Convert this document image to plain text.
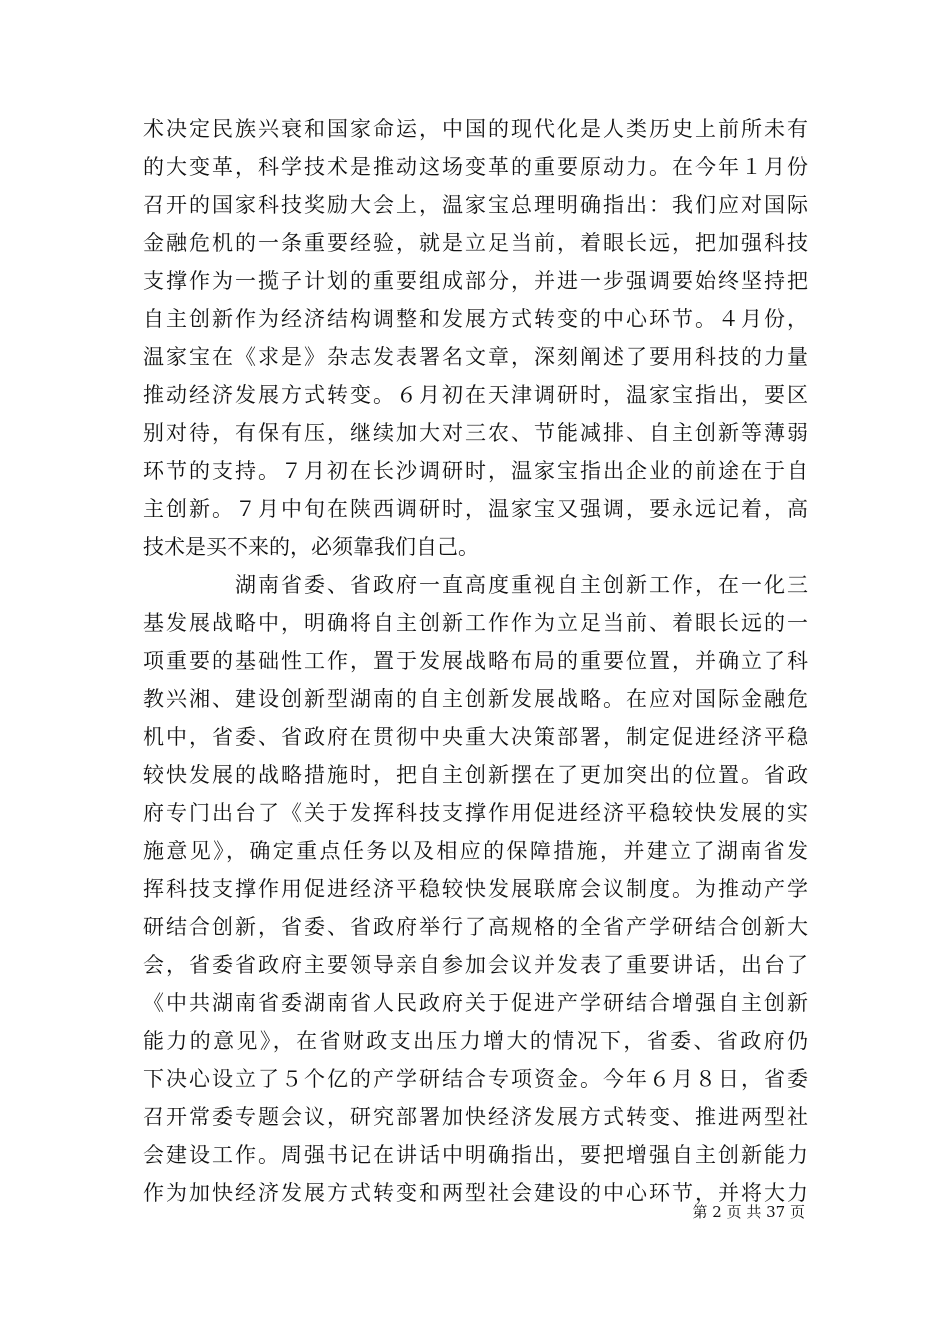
术决定民族兴衰和国家命运，中国的现代化是人类历史上前所未有
的大变革，科学技术是推动这场变革的重要原动力。在今年１月份
召开的国家科技奖励大会上，温家宝总理明确指出：我们应对国际
金融危机的一条重要经验，就是立足当前，着眼长远，把加强科技
支撑作为一揽子计划的重要组成部分，并进一步强调要始终坚持把
自主创新作为经济结构调整和发展方式转变的中心环节。４月份，
温家宝在《求是》杂志发表署名文章，深刻阐述了要用科技的力量
推动经济发展方式转变。６月初在天津调研时，温家宝指出，要区
别对待，有保有压，继续加大对三农、节能减排、自主创新等薄弱
环节的支持。７月初在长沙调研时，温家宝指出企业的前途在于自
主创新。７月中旬在陕西调研时，温家宝又强调，要永远记着，高
技术是买不来的，必须靠我们自己。
湖南省委、省政府一直高度重视自主创新工作，在一化三
基发展战略中，明确将自主创新工作作为立足当前、着眼长远的一
项重要的基础性工作，置于发展战略布局的重要位置，并确立了科
教兴湘、建设创新型湖南的自主创新发展战略。在应对国际金融危
机中，省委、省政府在贯彻中央重大决策部署，制定促进经济平稳
较快发展的战略措施时，把自主创新摆在了更加突出的位置。省政
府专门出台了《关于发挥科技支撑作用促进经济平稳较快发展的实
施意见》，确定重点任务以及相应的保障措施，并建立了湖南省发
挥科技支撑作用促进经济平稳较快发展联席会议制度。为推动产学
研结合创新，省委、省政府举行了高规格的全省产学研结合创新大
会，省委省政府主要领导亲自参加会议并发表了重要讲话，出台了
《中共湖南省委湖南省人民政府关于促进产学研结合增强自主创新
能力的意见》，在省财政支出压力增大的情况下，省委、省政府仍
下决心设立了５个亿的产学研结合专项资金。今年６月８日，省委
召开常委专题会议，研究部署加快经济发展方式转变、推进两型社
会建设工作。周强书记在讲话中明确指出，要把增强自主创新能力
作为加快经济发展方式转变和两型社会建设的中心环节，并将大力
第 2 页 共 37 页
